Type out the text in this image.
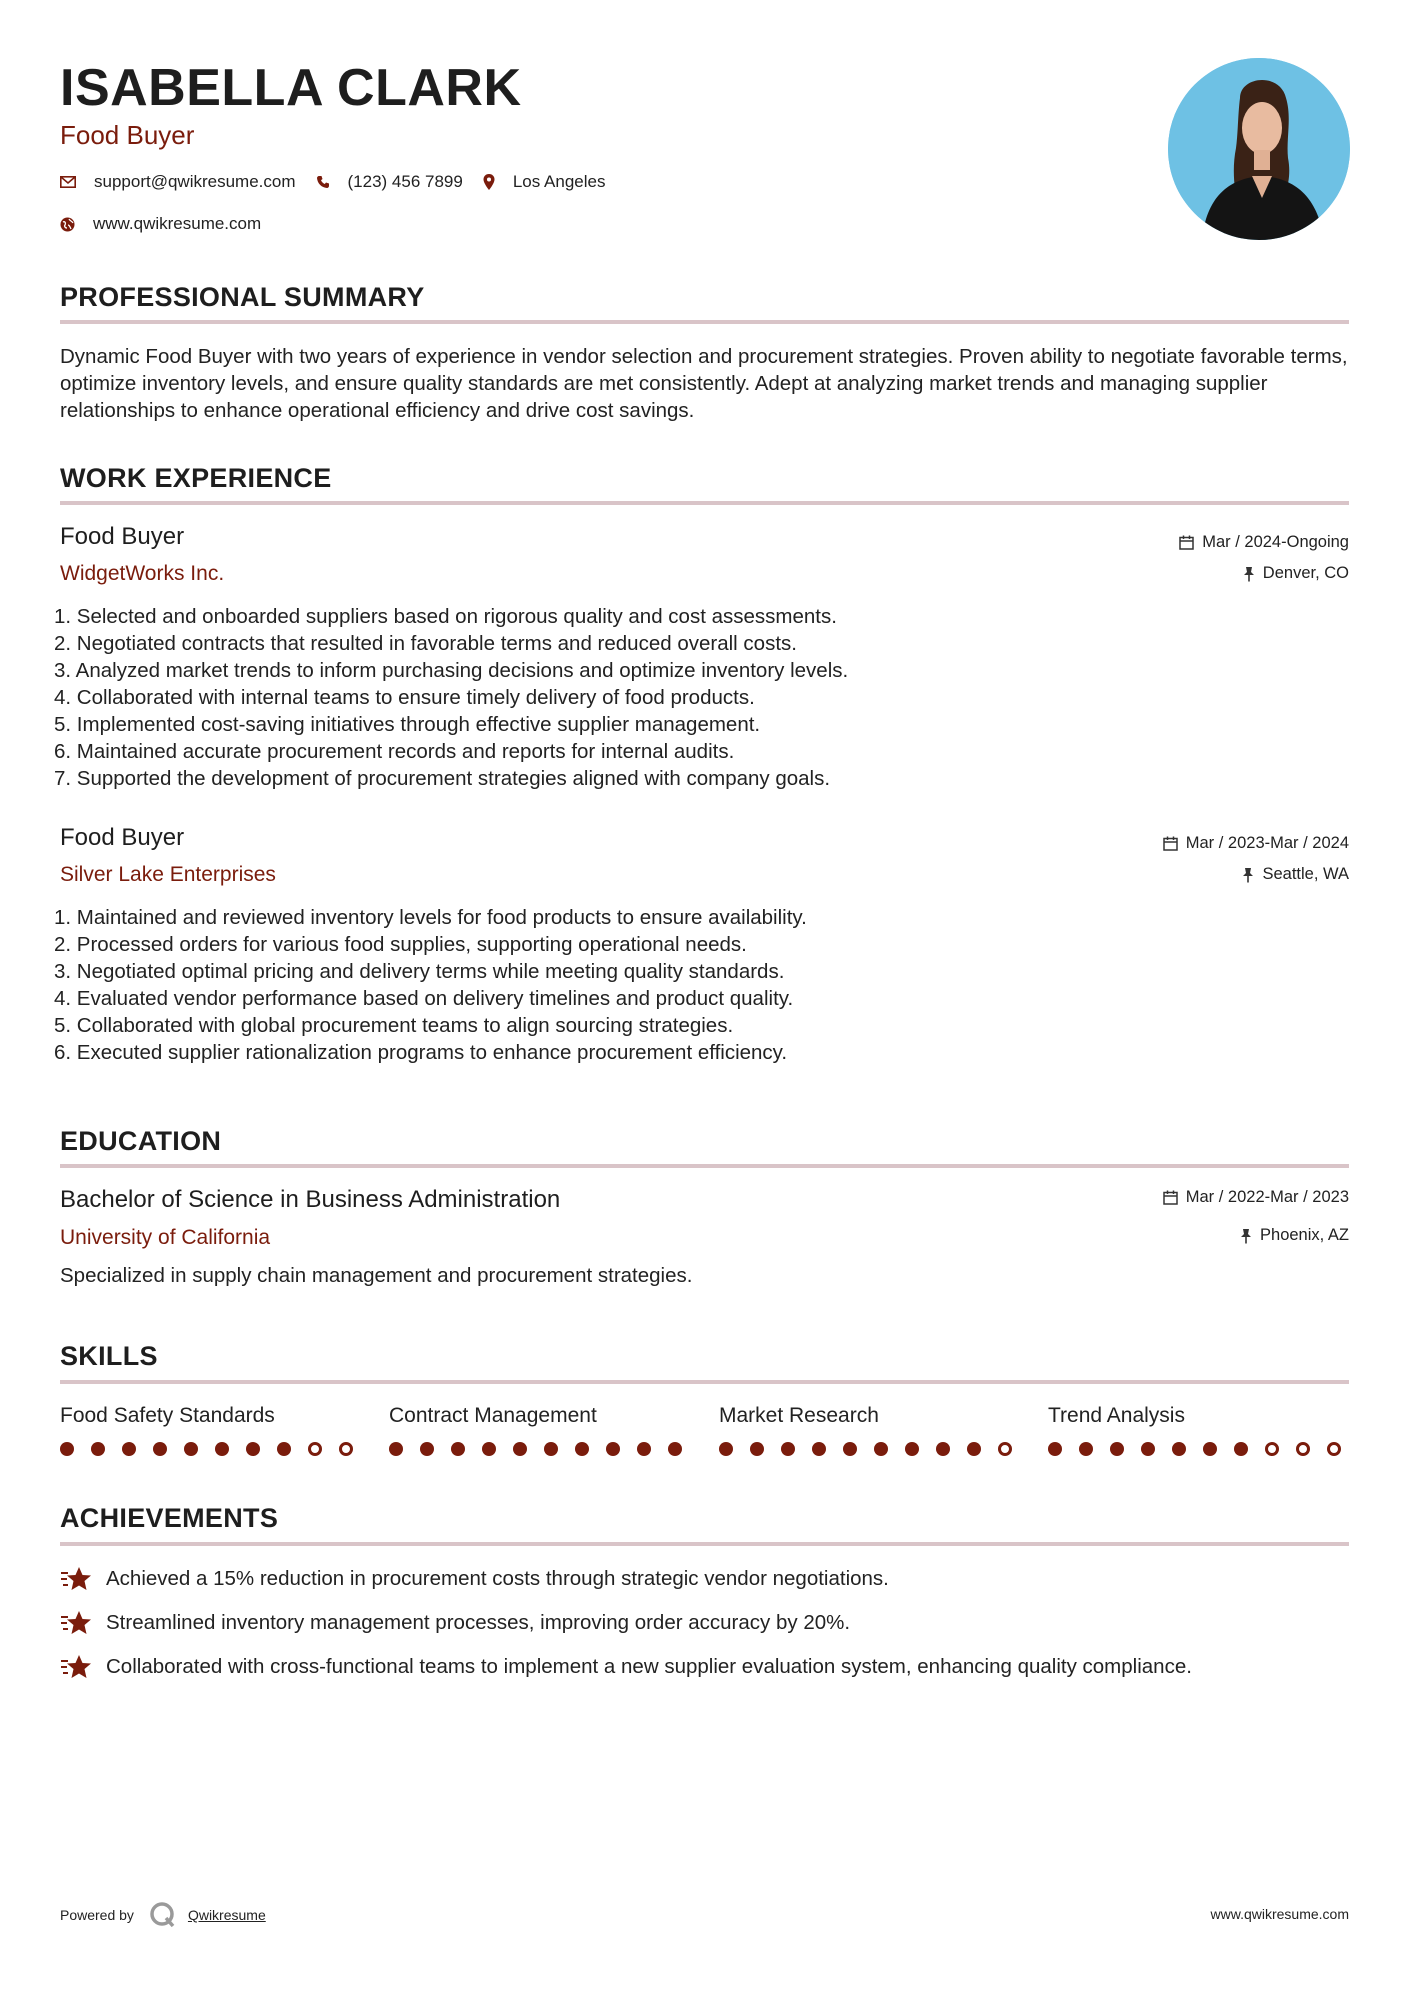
ISABELLA CLARK
Food Buyer
support@qwikresume.com	(123) 456 7899	Los Angeles
www.qwikresume.com
PROFESSIONAL SUMMARY

Dynamic Food Buyer with two years of experience in vendor selection and procurement strategies. Proven ability to negotiate favorable terms, optimize inventory levels, and ensure quality standards are met consistently. Adept at analyzing market trends and managing supplier relationships to enhance operational efficiency and drive cost savings.

WORK EXPERIENCE
Food Buyer
WidgetWorks Inc.
Mar / 2024-Ongoing
Denver, CO
1. Selected and onboarded suppliers based on rigorous quality and cost assessments.
2. Negotiated contracts that resulted in favorable terms and reduced overall costs.
3. Analyzed market trends to inform purchasing decisions and optimize inventory levels.
4. Collaborated with internal teams to ensure timely delivery of food products.
5. Implemented cost-saving initiatives through effective supplier management.
6. Maintained accurate procurement records and reports for internal audits.
7. Supported the development of procurement strategies aligned with company goals.
Food Buyer
Silver Lake Enterprises
Mar / 2023-Mar / 2024
Seattle, WA
1. Maintained and reviewed inventory levels for food products to ensure availability.
2. Processed orders for various food supplies, supporting operational needs.
3. Negotiated optimal pricing and delivery terms while meeting quality standards.
4. Evaluated vendor performance based on delivery timelines and product quality.
5. Collaborated with global procurement teams to align sourcing strategies.
6. Executed supplier rationalization programs to enhance procurement efficiency.
EDUCATION
Bachelor of Science in Business Administration
University of California
Mar / 2022-Mar / 2023
Phoenix, AZ

Specialized in supply chain management and procurement strategies.

SKILLS
Food Safety Standards	Contract Management	Market Research	Trend Analysis
ACHIEVEMENTS
Achieved a 15% reduction in procurement costs through strategic vendor negotiations.
Streamlined inventory management processes, improving order accuracy by 20%.
Collaborated with cross-functional teams to implement a new supplier evaluation system, enhancing quality compliance.
Powered by	Qwikresume	www.qwikresume.com
